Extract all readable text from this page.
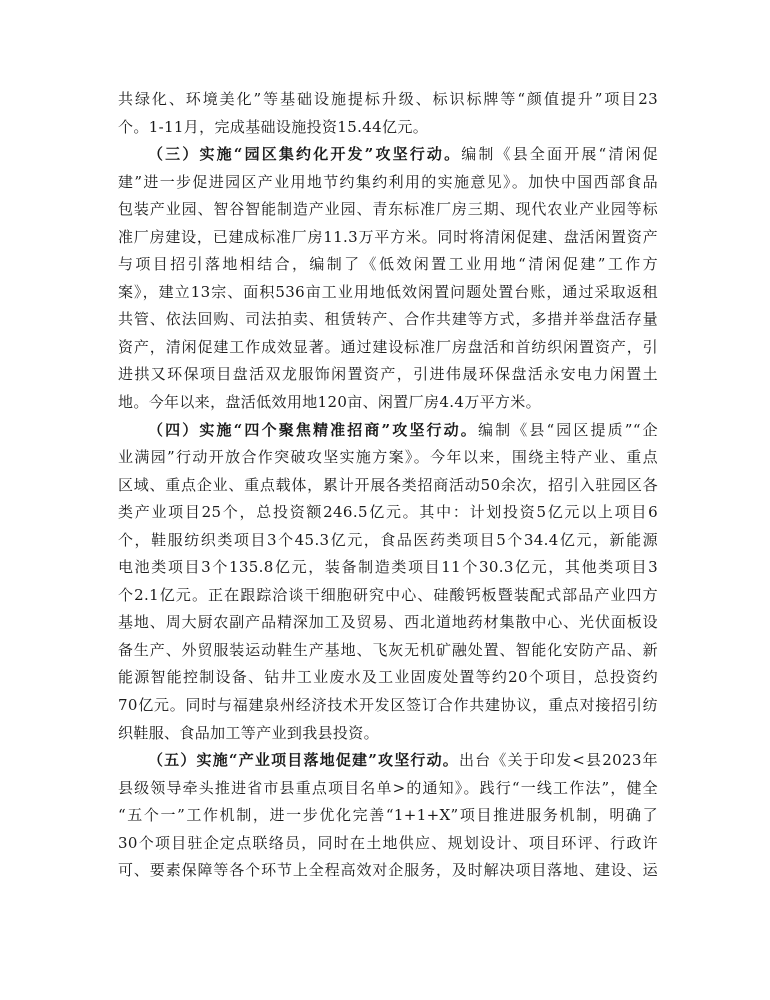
共绿化、环境美化”等基础设施提标升级、标识标牌等“颜值提升”项目23
个。1-11月，完成基础设施投资15.44亿元。
（三）实施“园区集约化开发”攻坚行动。编制《县全面开展“清闲促
建”进一步促进园区产业用地节约集约利用的实施意见》。加快中国西部食品
包装产业园、智谷智能制造产业园、青东标准厂房三期、现代农业产业园等标
准厂房建设，已建成标准厂房11.3万平方米。同时将清闲促建、盘活闲置资产
与项目招引落地相结合，编制了《低效闲置工业用地“清闲促建”工作方
案》，建立13宗、面积536亩工业用地低效闲置问题处置台账，通过采取返租
共管、依法回购、司法拍卖、租赁转产、合作共建等方式，多措并举盘活存量
资产，清闲促建工作成效显著。通过建设标准厂房盘活和首纺织闲置资产，引
进拱又环保项目盘活双龙服饰闲置资产，引进伟晟环保盘活永安电力闲置土
地。今年以来，盘活低效用地120亩、闲置厂房4.4万平方米。
（四）实施“四个聚焦精准招商”攻坚行动。编制《县“园区提质”“企
业满园”行动开放合作突破攻坚实施方案》。今年以来，围绕主特产业、重点
区域、重点企业、重点载体，累计开展各类招商活动50余次，招引入驻园区各
类产业项目25个，总投资额246.5亿元。其中：计划投资5亿元以上项目6
个，鞋服纺织类项目3个45.3亿元，食品医药类项目5个34.4亿元，新能源
电池类项目3个135.8亿元，装备制造类项目11个30.3亿元，其他类项目3
个2.1亿元。正在跟踪洽谈干细胞研究中心、硅酸钙板暨装配式部品产业四方
基地、周大厨农副产品精深加工及贸易、西北道地药材集散中心、光伏面板设
备生产、外贸服装运动鞋生产基地、飞灰无机矿融处置、智能化安防产品、新
能源智能控制设备、钻井工业废水及工业固废处置等约20个项目，总投资约
70亿元。同时与福建泉州经济技术开发区签订合作共建协议，重点对接招引纺
织鞋服、食品加工等产业到我县投资。
（五）实施“产业项目落地促建”攻坚行动。出台《关于印发<县2023年
县级领导牵头推进省市县重点项目名单>的通知》。践行“一线工作法”，健全
“五个一”工作机制，进一步优化完善“1+1+X”项目推进服务机制，明确了
30个项目驻企定点联络员，同时在土地供应、规划设计、项目环评、行政许
可、要素保障等各个环节上全程高效对企服务，及时解决项目落地、建设、运
